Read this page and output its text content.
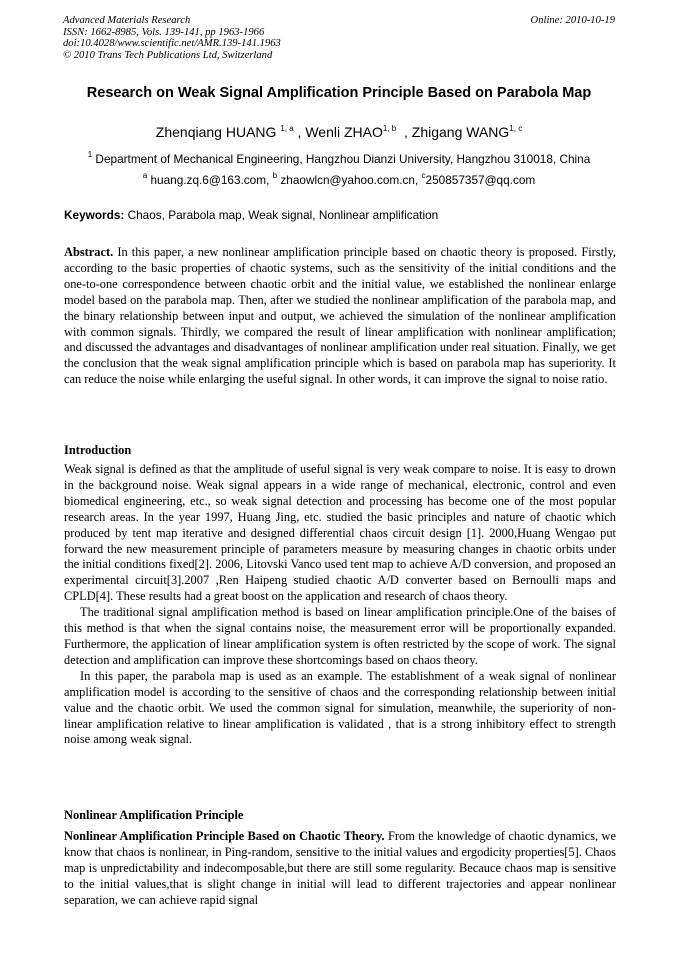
Advanced Materials Research
ISSN: 1662-8985, Vols. 139-141, pp 1963-1966
doi:10.4028/www.scientific.net/AMR.139-141.1963
© 2010 Trans Tech Publications Ltd, Switzerland
Online: 2010-10-19
Research on Weak Signal Amplification Principle Based on Parabola Map
Zhenqiang HUANG $^{1, a}$ , Wenli ZHAO$^{1, b}$  , Zhigang WANG$^{1, c}$
$^1$ Department of Mechanical Engineering, Hangzhou Dianzi University, Hangzhou 310018, China
$^a$ huang.zq.6@163.com, $^b$ zhaowlcn@yahoo.com.cn, $^c$250857357@qq.com
Keywords: Chaos, Parabola map, Weak signal, Nonlinear amplification
Abstract. In this paper, a new nonlinear amplification principle based on chaotic theory is proposed. Firstly, according to the basic properties of chaotic systems, such as the sensitivity of the initial conditions and the one-to-one correspondence between chaotic orbit and the initial value, we established the nonlinear enlarge model based on the parabola map. Then, after we studied the nonlinear amplification of the parabola map, and the binary relationship between input and output, we achieved the simulation of the nonlinear amplification with common signals. Thirdly, we compared the result of linear amplification with nonlinear amplification; and discussed the advantages and disadvantages of nonlinear amplification under real situation. Finally, we get the conclusion that the weak signal amplification principle which is based on parabola map has superiority. It can reduce the noise while enlarging the useful signal. In other words, it can improve the signal to noise ratio.
Introduction

Weak signal is defined as that the amplitude of useful signal is very weak compare to noise. It is easy to drown in the background noise. Weak signal appears in a wide range of mechanical, electronic, control and even biomedical engineering, etc., so weak signal detection and processing has become one of the most popular research areas. In the year 1997, Huang Jing, etc. studied the basic principles and nature of chaotic which produced by tent map iterative and designed differential chaos circuit design [1]. 2000,Huang Wengao put forward the new measurement principle of parameters measure by measuring changes in chaotic orbits under the initial conditions fixed[2]. 2006, Litovski Vanco used tent map to achieve A/D conversion, and proposed an experimental circuit[3].2007 ,Ren Haipeng studied chaotic A/D converter based on Bernoulli maps and CPLD[4]. These results had a great boost on the application and research of chaos theory.

The traditional signal amplification method is based on linear amplification principle.One of the baises of this method is that when the signal contains noise, the measurement error will be proportionally expanded. Furthermore, the application of linear amplification system is often restricted by the scope of work. The signal detection and amplification can improve these shortcomings based on chaos theory.

In this paper, the parabola map is used as an example. The establishment of a weak signal of nonlinear amplification model is according to the sensitive of chaos and the corresponding relationship between initial value and the chaotic orbit. We used the common signal for simulation, meanwhile, the superiority of non-linear amplification relative to linear amplification is validated , that is a strong inhibitory effect to strength noise among weak signal.

Nonlinear Amplification Principle

Nonlinear Amplification Principle Based on Chaotic Theory. From the knowledge of chaotic dynamics, we know that chaos is nonlinear, in Ping-random, sensitive to the initial values and ergodicity properties[5]. Chaos map is unpredictability and indecomposable,but there are still some regularity. Becauce chaos map is sensitive to the initial values,that is slight change in initial will lead to different trajectories and appear nonlinear separation, we can achieve rapid signal
